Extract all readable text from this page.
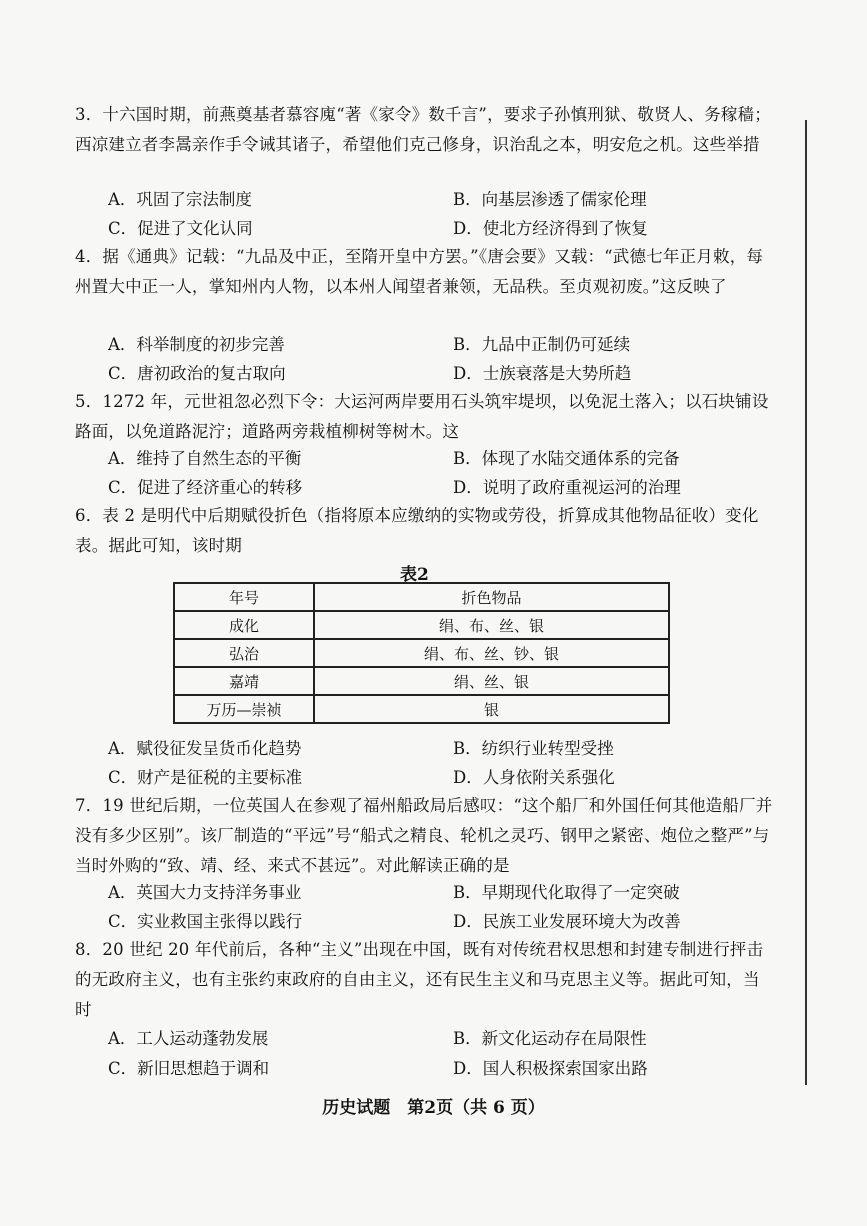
3．十六国时期，前燕奠基者慕容廆“著《家令》数千言”，要求子孙慎刑狱、敬贤人、务稼穑；西凉建立者李暠亲作手令诫其诸子，希望他们克己修身，识治乱之本，明安危之机。这些举措

A．巩固了宗法制度	B．向基层渗透了儒家伦理
C．促进了文化认同	D．使北方经济得到了恢复

4．据《通典》记载：“九品及中正，至隋开皇中方罢。”《唐会要》又载：“武德七年正月敕，每州置大中正一人，掌知州内人物，以本州人闻望者兼领，无品秩。至贞观初废。”这反映了

A．科举制度的初步完善	B．九品中正制仍可延续
C．唐初政治的复古取向	D．士族衰落是大势所趋

5．1272 年，元世祖忽必烈下令：大运河两岸要用石头筑牢堤坝，以免泥土落入；以石块铺设路面，以免道路泥泞；道路两旁栽植柳树等树木。这

A．维持了自然生态的平衡	B．体现了水陆交通体系的完备
C．促进了经济重心的转移	D．说明了政府重视运河的治理

6．表 2 是明代中后期赋役折色（指将原本应缴纳的实物或劳役，折算成其他物品征收）变化表。据此可知，该时期

表2
年号	折色物品
成化	绢、布、丝、银
弘治	绢、布、丝、钞、银
嘉靖	绢、丝、银
万历—崇祯	银
A．赋役征发呈货币化趋势	B．纺织行业转型受挫
C．财产是征税的主要标准	D．人身依附关系强化

7．19 世纪后期，一位英国人在参观了福州船政局后感叹：“这个船厂和外国任何其他造船厂并没有多少区别”。该厂制造的“平远”号“船式之精良、轮机之灵巧、钢甲之紧密、炮位之整严”与当时外购的“致、靖、经、来式不甚远”。对此解读正确的是

A．英国大力支持洋务事业	B．早期现代化取得了一定突破
C．实业救国主张得以践行	D．民族工业发展环境大为改善

8．20 世纪 20 年代前后，各种“主义”出现在中国，既有对传统君权思想和封建专制进行抨击的无政府主义，也有主张约束政府的自由主义，还有民生主义和马克思主义等。据此可知，当时

A．工人运动蓬勃发展	B．新文化运动存在局限性
C．新旧思想趋于调和	D．国人积极探索国家出路
历史试题　第2页（共 6 页）
